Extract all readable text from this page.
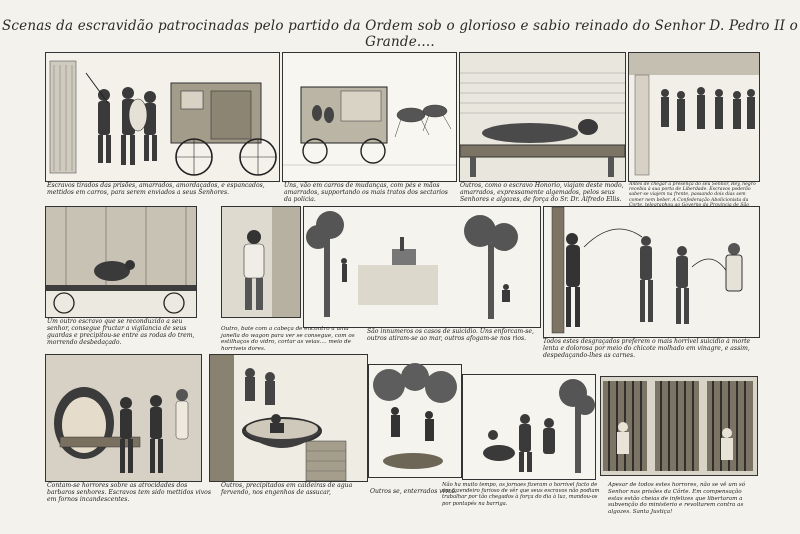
Scenas da escravidão patrocinadas pelo partido da Ordem sob o glorioso e sabio reinado do Senhor D. Pedro II o Grande....
Escravos tirados das prisões, amarrados, amordaçados, e espancados, mettidos em carros, para serem enviados a seus Senhores.
Uns, vão em carros de mudanças, com pés e mãos amarrados, supportando os mais tratos dos sectarios da policia.
Outros, como o escravo Honorio, viajam deste modo, amarrados, expressamente algemados, pelos seus Senhores e algozes, de força do Sr. Dr. Alfredo Ellis.
Antes de chegar à presença do seu Senhor, Rey, negro recebia à sua porta de Liberdade. Escravos poderão saber-se viajem na frente, passando dois dias sem comer nem beber. A Confederação Abolicionista da
Um outro escravo que se reconduzido a seu senhor, consegue fructar a vigilancia de seus guardas e precipitou-se entre as rodas do trem, morrendo desbedaçado.
Outro, bate com a cabeça de encontro a uma janella do wagon para ver se consegue, com os estilhaços do vidro, cortar as veias.... meio de horriveis dores.
São innumeros os casos de suicidio. Uns enforcam-se, outros atiram-se ao mar, outros afogam-se nos rios.	Todos estes desgraçados preferem o mais horrivel suicidio à morte lenta e dolorosa por meio do chicote molhado em vinagre, e assim, despedaçando-lhes as carnes.
Contam-se horrores sobre as atrocidades dos barbaros senhores. Escravos tem sido mettidos vivos em fornos incandescentes.
Outros, precipitados em caldeiras de agua fervendo, nos engenhos de assucar,	Outros se, enterrados vivos.
Não ha muito tempo, os jornaes fizeram o horrivel facto de um fazendeiro furioso de vêr que seus escravos não podiam trabalhar por tão chegados à força do dia à luz, mandou-os por pontapés na barriga.
Apesar de todos estes horrores, não se vê um só Senhor nas prisões da Côrte. Em compensação estas estão cheias de infelizes que libertaram a subvenção do ministerio e revoltarem contra as algozes. Santa Justiça!
